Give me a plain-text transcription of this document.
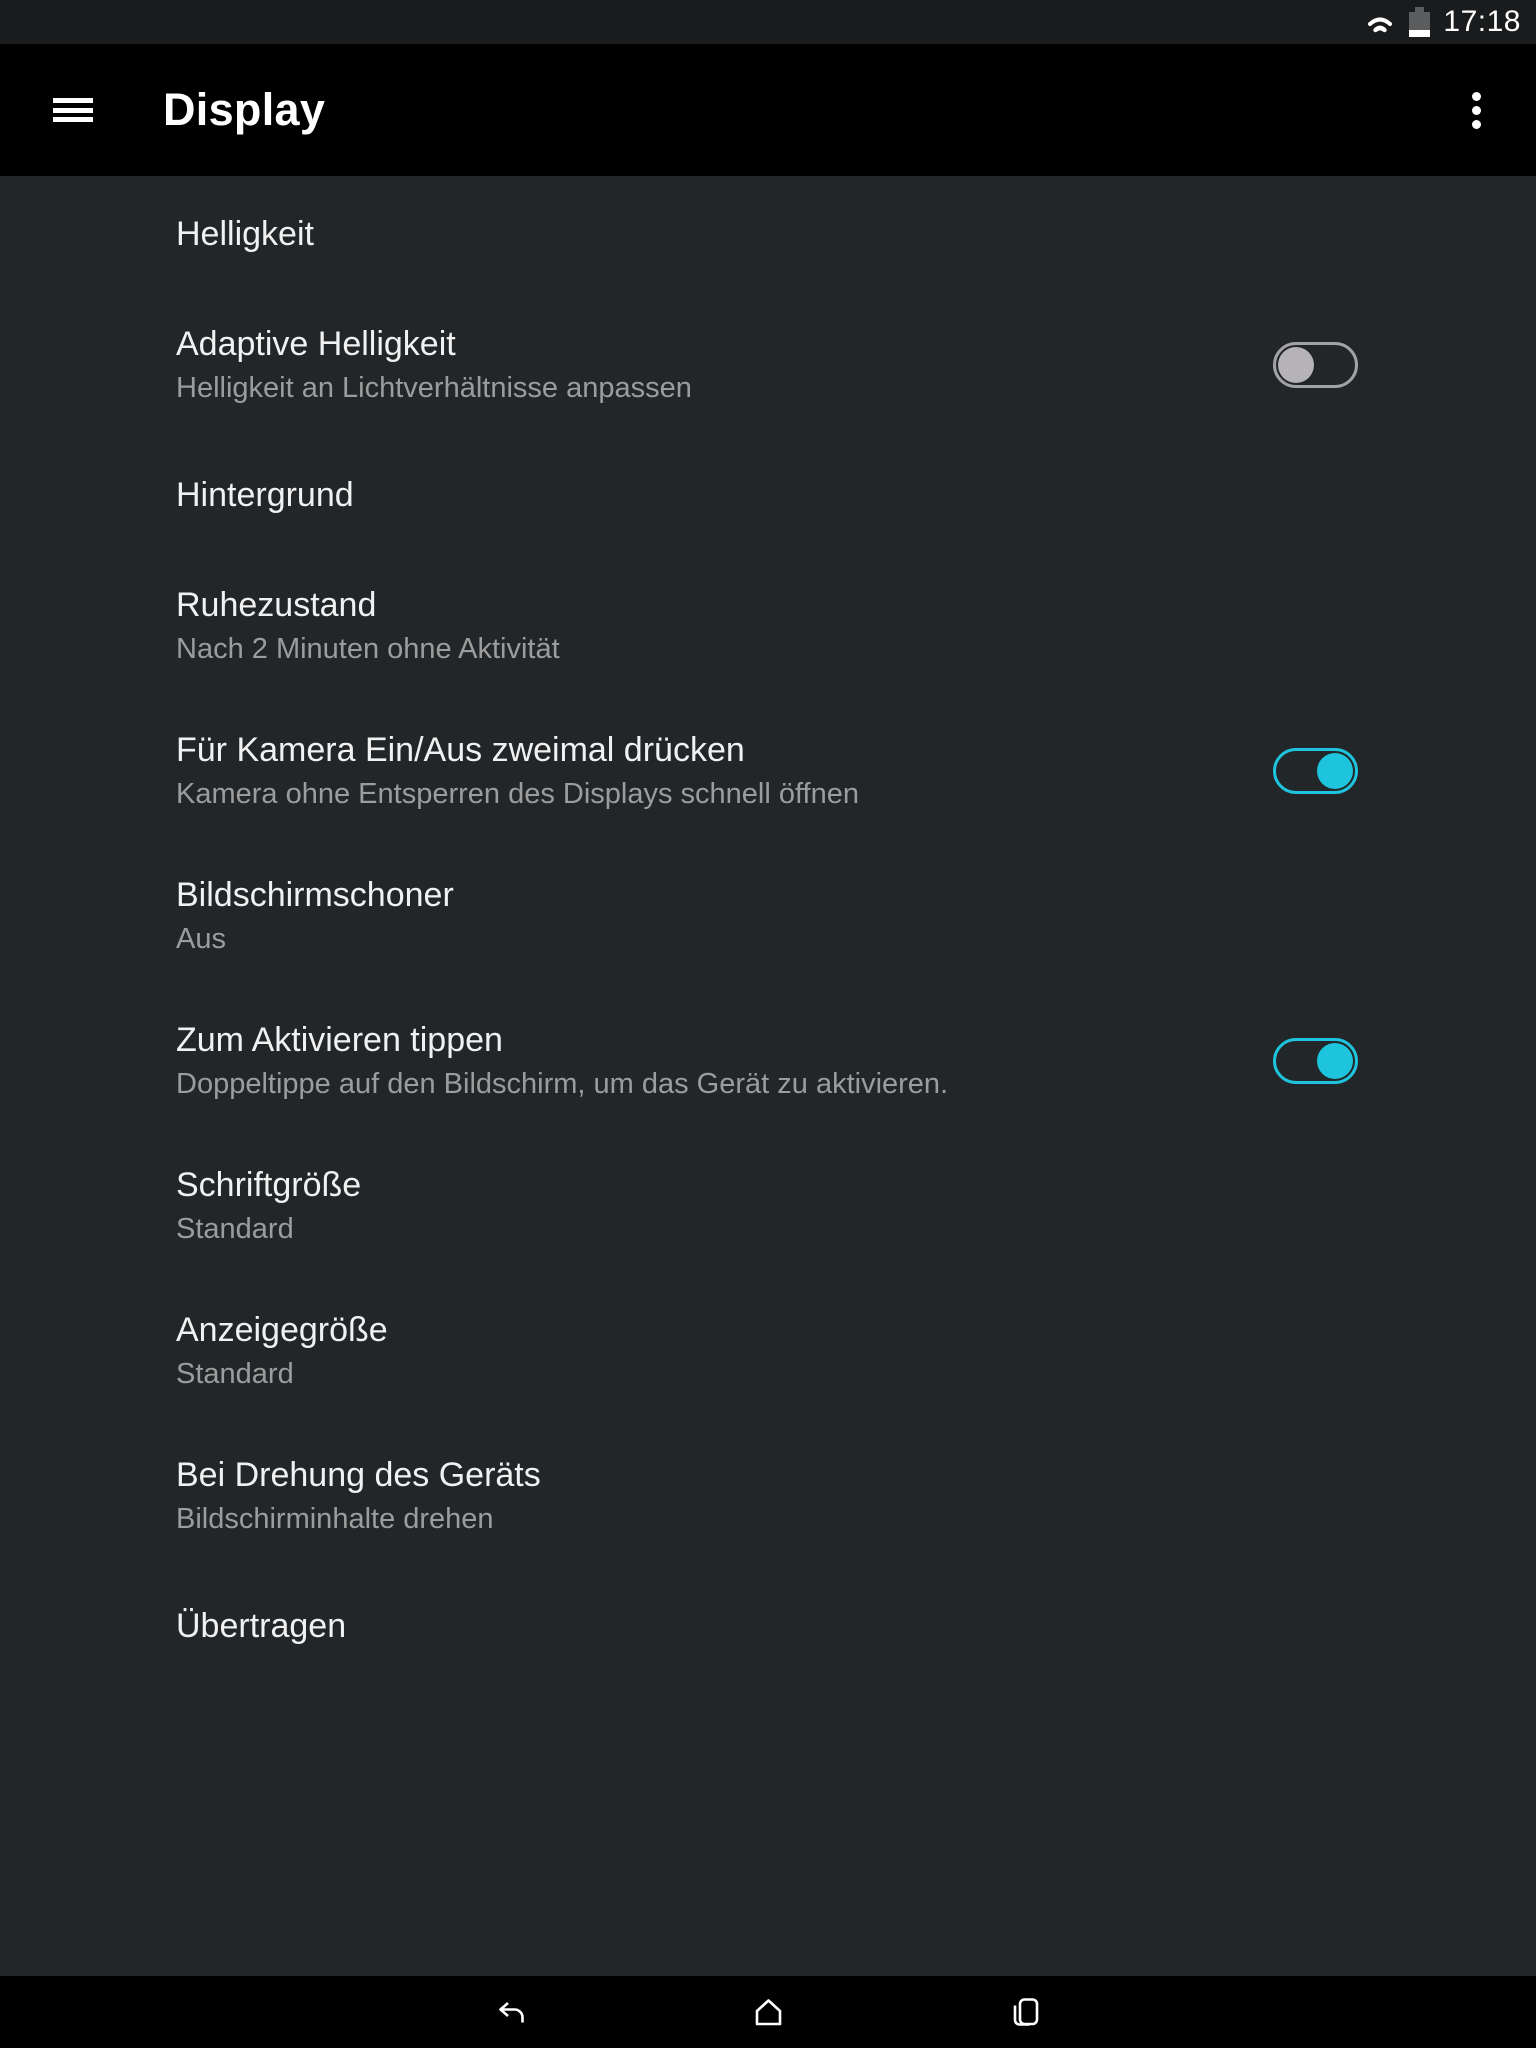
17:18
Display
Helligkeit
Adaptive Helligkeit
Helligkeit an Lichtverhältnisse anpassen
Hintergrund
Ruhezustand
Nach 2 Minuten ohne Aktivität
Für Kamera Ein/Aus zweimal drücken
Kamera ohne Entsperren des Displays schnell öffnen
Bildschirmschoner
Aus
Zum Aktivieren tippen
Doppeltippe auf den Bildschirm, um das Gerät zu aktivieren.
Schriftgröße
Standard
Anzeigegröße
Standard
Bei Drehung des Geräts
Bildschirminhalte drehen
Übertragen
